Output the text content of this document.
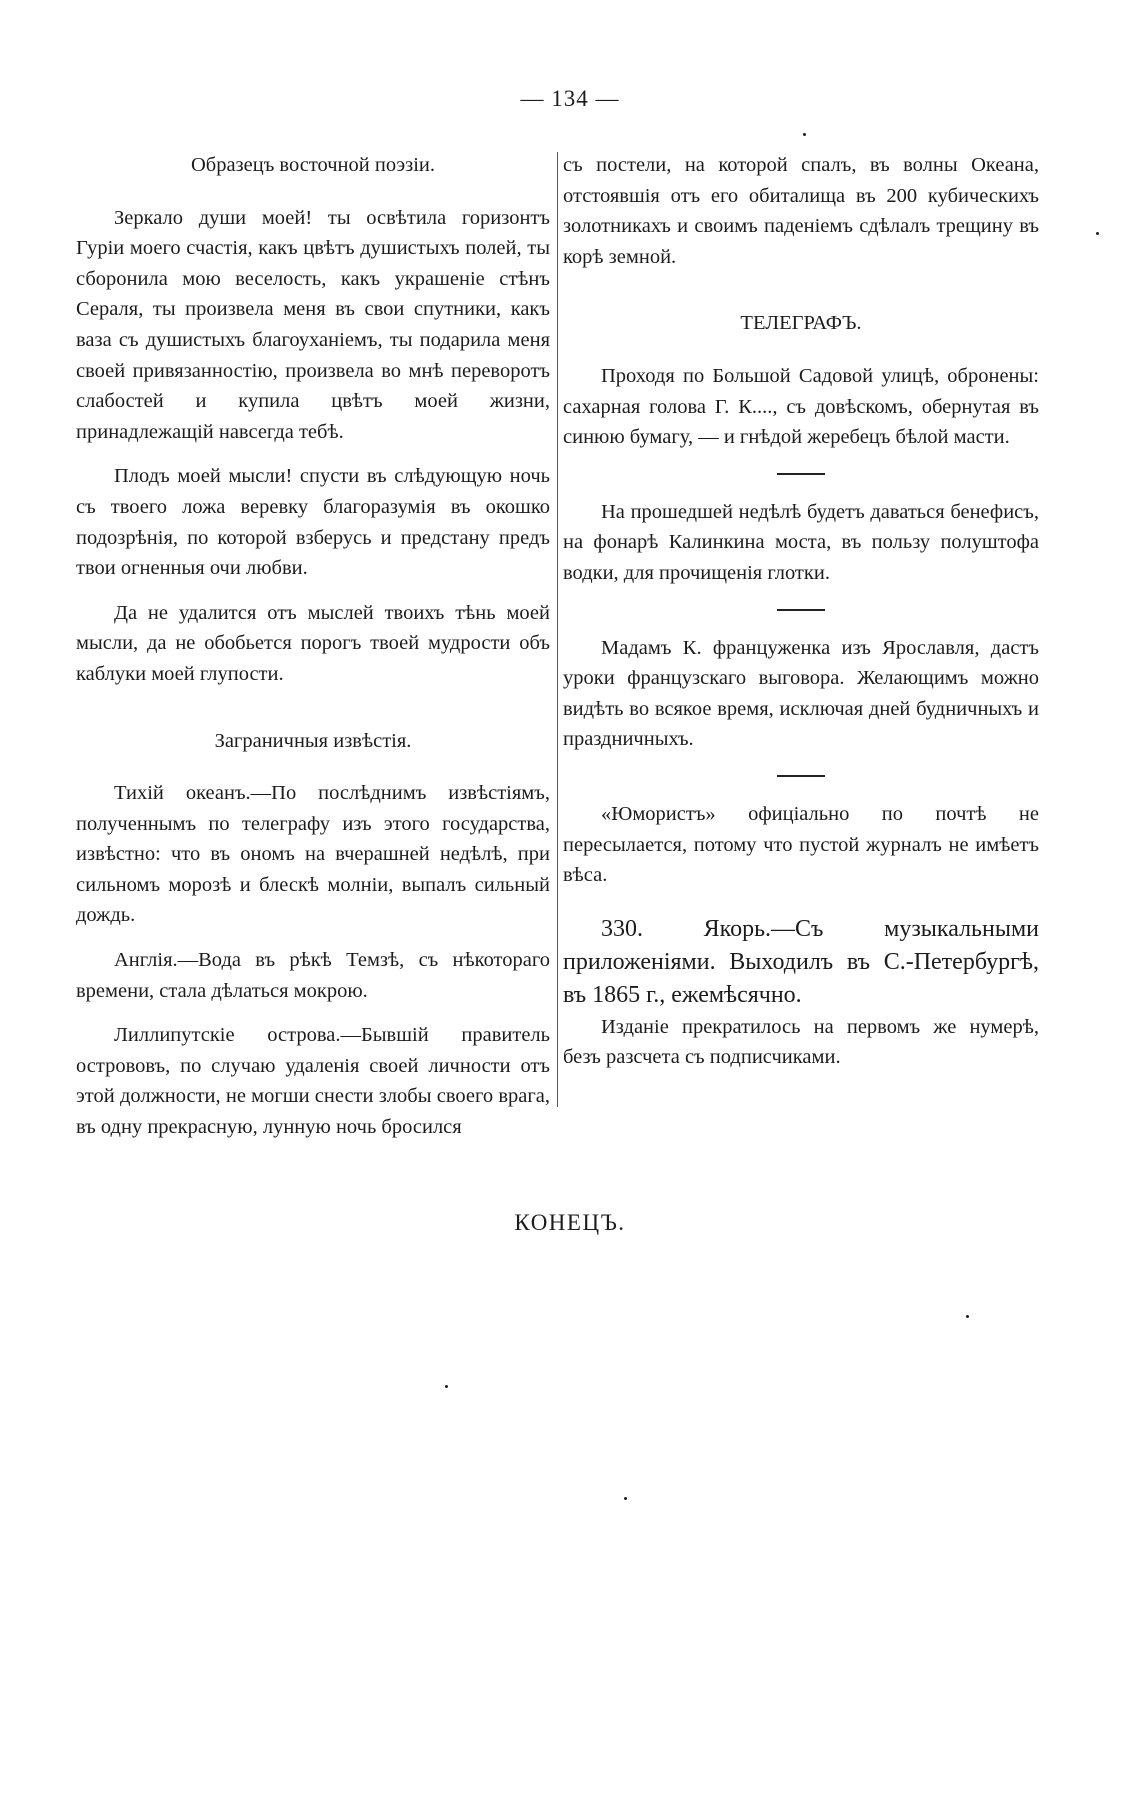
— 134 —

Образецъ восточной поэзіи.

Зеркало души моей! ты освѣтила горизонтъ Гуріи моего счастія, какъ цвѣтъ душистыхъ полей, ты сборонила мою веселость, какъ украшеніе стѣнъ Сераля, ты произвела меня въ свои спутники, какъ ваза съ душистыхъ благоуханіемъ, ты подарила меня своей привязанностію, произвела во мнѣ переворотъ слабостей и купила цвѣтъ моей жизни, принадлежащій навсегда тебѣ.

Плодъ моей мысли! спусти въ слѣдующую ночь съ твоего ложа веревку благоразумія въ окошко подозрѣнія, по которой взберусь и предстану предъ твои огненныя очи любви.

Да не удалится отъ мыслей твоихъ тѣнь моей мысли, да не обобьется порогъ твоей мудрости объ каблуки моей глупости.

Заграничныя извѣстія.

Тихій океанъ.—По послѣднимъ извѣстіямъ, полученнымъ по телеграфу изъ этого государства, извѣстно: что въ ономъ на вчерашней недѣлѣ, при сильномъ морозѣ и блескѣ молніи, выпалъ сильный дождь.

Англія.—Вода въ рѣкѣ Темзѣ, съ нѣкотораго времени, стала дѣлаться мокрою.

Лиллипутскіе острова.—Бывшій правитель острововъ, по случаю удаленія своей личности отъ этой должности, не могши снести злобы своего врага, въ одну прекрасную, лунную ночь бросился

съ постели, на которой спалъ, въ волны Океана, отстоявшія отъ его обиталища въ 200 кубическихъ золотникахъ и своимъ паденіемъ сдѣлалъ трещину въ корѣ земной.

ТЕЛЕГРАФЪ.

Проходя по Большой Садовой улицѣ, обронены: сахарная голова Г. К...., съ довѣскомъ, обернутая въ синюю бумагу, — и гнѣдой жеребецъ бѣлой масти.

На прошедшей недѣлѣ будетъ даваться бенефисъ, на фонарѣ Калинкина моста, въ пользу полуштофа водки, для прочищенія глотки.

Мадамъ К. француженка изъ Ярославля, дастъ уроки французскаго выговора. Желающимъ можно видѣть во всякое время, исключая дней будничныхъ и праздничныхъ.

«Юмористъ» офиціально по почтѣ не пересылается, потому что пустой журналъ не имѣетъ вѣса.

330. Якорь.—Съ музыкальными приложеніями. Выходилъ въ С.-Петербургѣ, въ 1865 г., ежемѣсячно.

Изданіе прекратилось на первомъ же нумерѣ, безъ разсчета съ подписчиками.

КОНЕЦЪ.
